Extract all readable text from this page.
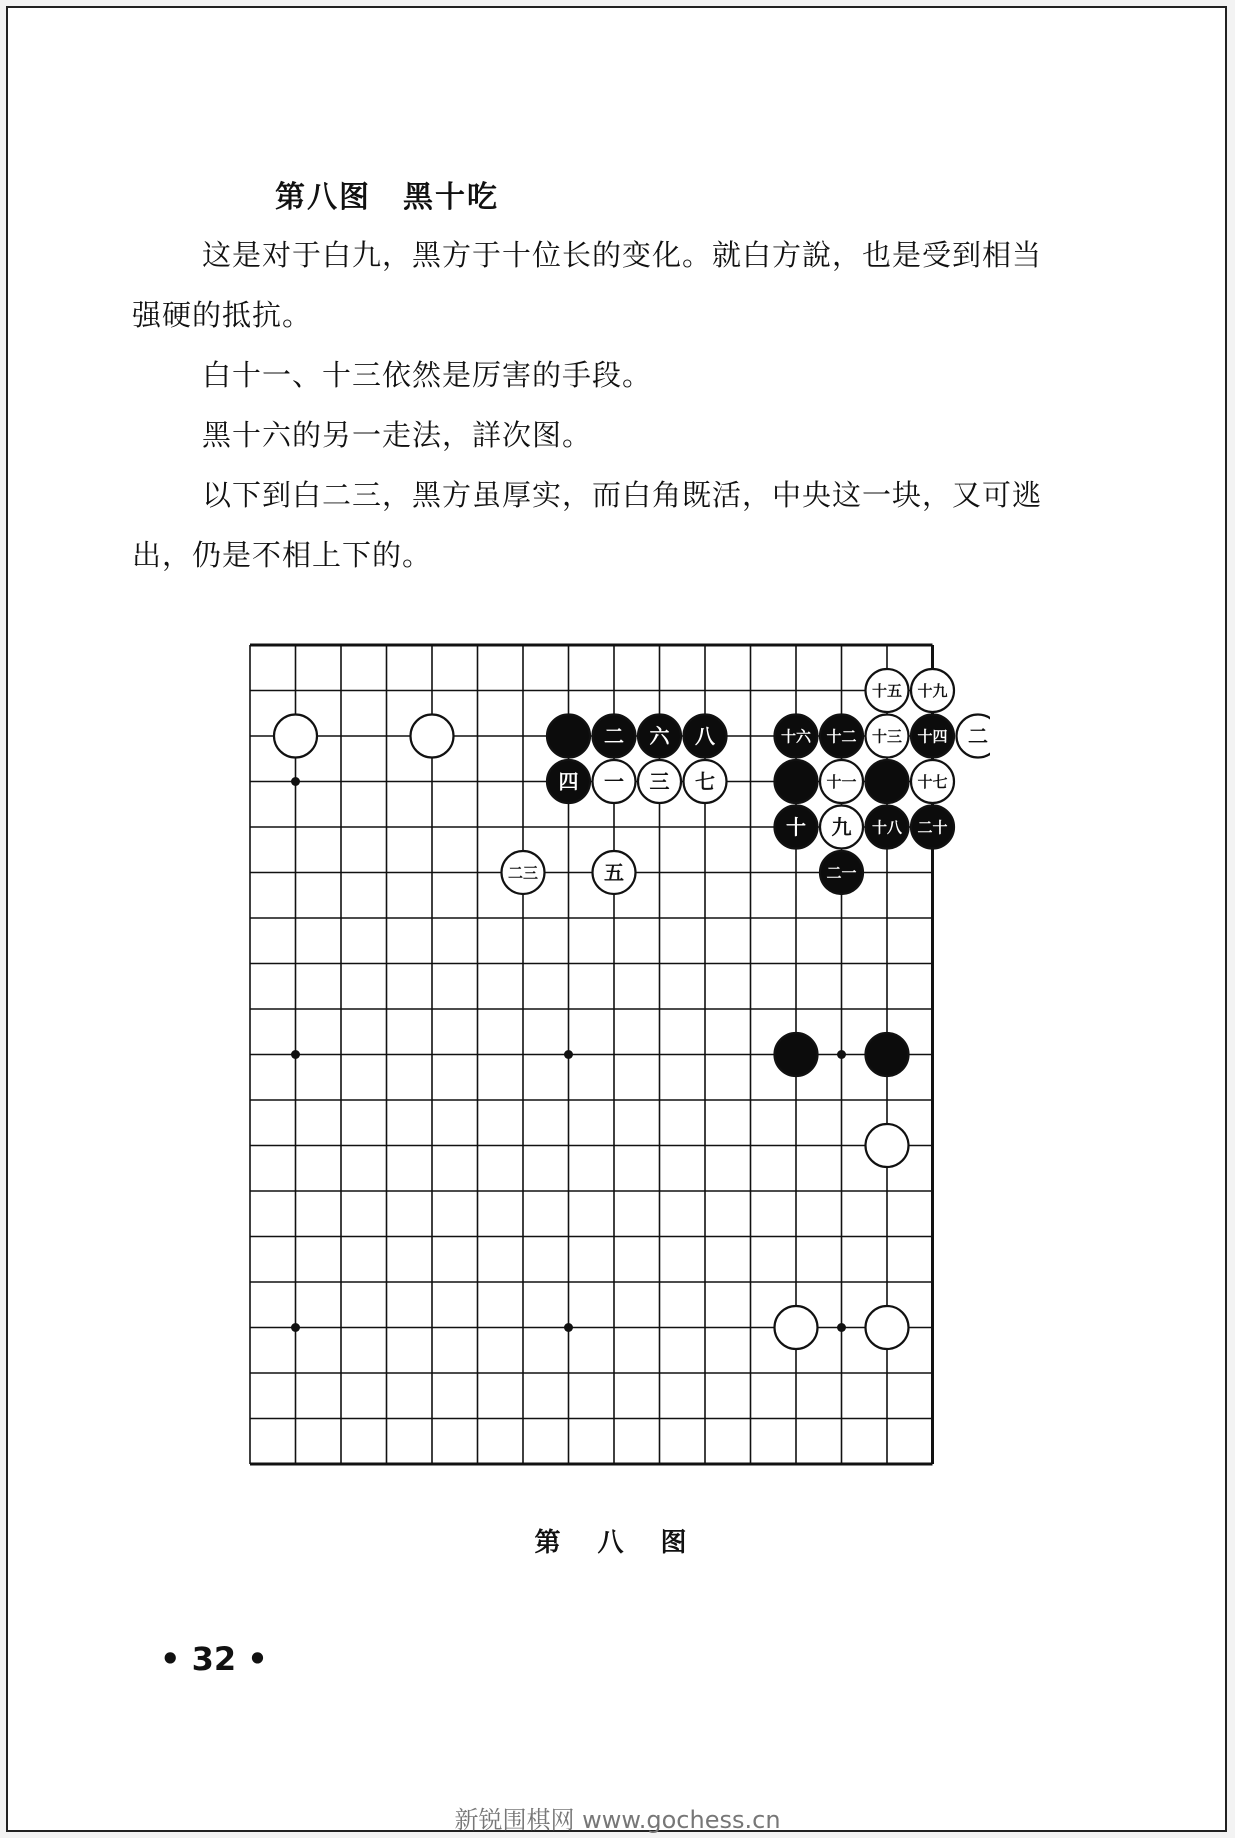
第八图　黑十吃
这是对于白九，黑方于十位长的变化。就白方說，也是受到相当强硬的抵抗。
白十一、十三依然是厉害的手段。
黑十六的另一走法，詳次图。
以下到白二三，黑方虽厚实，而白角既活，中央这一块，又可逃出，仍是不相上下的。
二 六 八
四 一 三 七
二三	五
十五 十九
十六 十二 十三 十四 二
十一	十七
十 九 十八 二十
二一
第 八 图
• 32 •
新锐围棋网 www.gochess.cn
